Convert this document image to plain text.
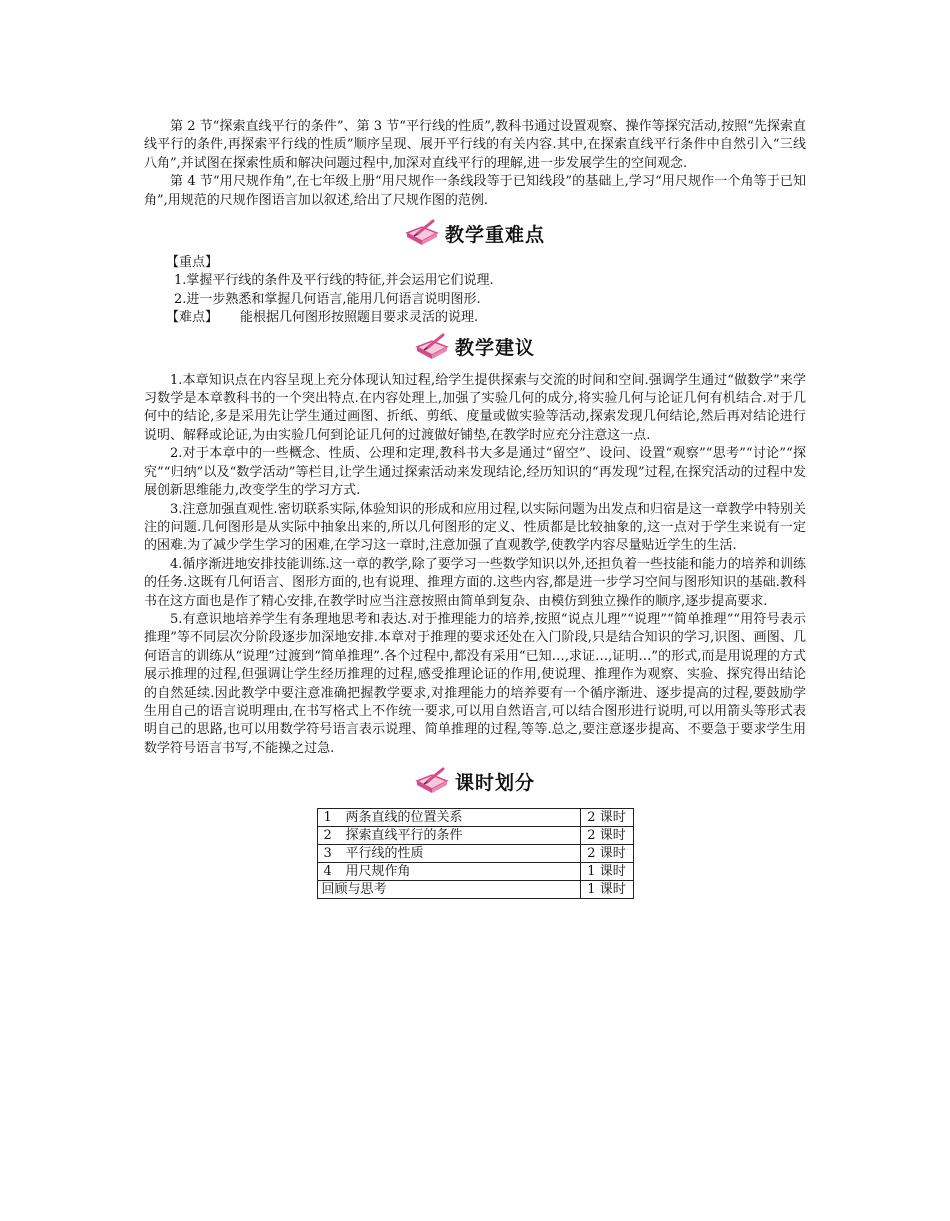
第 2 节“探索直线平行的条件”、第 3 节“平行线的性质”,教科书通过设置观察、操作等探究活动,按照“先探索直线平行的条件,再探索平行线的性质”顺序呈现、展开平行线的有关内容.其中,在探索直线平行条件中自然引入“三线八角”,并试图在探索性质和解决问题过程中,加深对直线平行的理解,进一步发展学生的空间观念.

第 4 节“用尺规作角”,在七年级上册“用尺规作一条线段等于已知线段”的基础上,学习“用尺规作一个角等于已知角”,用规范的尺规作图语言加以叙述,给出了尺规作图的范例.

教学重难点
【重点】
1.掌握平行线的条件及平行线的特征,并会运用它们说理.
2.进一步熟悉和掌握几何语言,能用几何语言说明图形.
【难点】 能根据几何图形按照题目要求灵活的说理.
教学建议

1.本章知识点在内容呈现上充分体现认知过程,给学生提供探索与交流的时间和空间.强调学生通过“做数学”来学习数学是本章教科书的一个突出特点.在内容处理上,加强了实验几何的成分,将实验几何与论证几何有机结合.对于几何中的结论,多是采用先让学生通过画图、折纸、剪纸、度量或做实验等活动,探索发现几何结论,然后再对结论进行说明、解释或论证,为由实验几何到论证几何的过渡做好铺垫,在教学时应充分注意这一点.

2.对于本章中的一些概念、性质、公理和定理,教科书大多是通过“留空”、设问、设置“观察”“思考”“讨论”“探究”“归纳”以及“数学活动”等栏目,让学生通过探索活动来发现结论,经历知识的“再发现”过程,在探究活动的过程中发展创新思维能力,改变学生的学习方式.

3.注意加强直观性.密切联系实际,体验知识的形成和应用过程,以实际问题为出发点和归宿是这一章教学中特别关注的问题.几何图形是从实际中抽象出来的,所以几何图形的定义、性质都是比较抽象的,这一点对于学生来说有一定的困难.为了减少学生学习的困难,在学习这一章时,注意加强了直观教学,使教学内容尽量贴近学生的生活.

4.循序渐进地安排技能训练.这一章的教学,除了要学习一些数学知识以外,还担负着一些技能和能力的培养和训练的任务.这既有几何语言、图形方面的,也有说理、推理方面的.这些内容,都是进一步学习空间与图形知识的基础.教科书在这方面也是作了精心安排,在教学时应当注意按照由简单到复杂、由模仿到独立操作的顺序,逐步提高要求.

5.有意识地培养学生有条理地思考和表达.对于推理能力的培养,按照“说点儿理”“说理”“简单推理”“用符号表示推理”等不同层次分阶段逐步加深地安排.本章对于推理的要求还处在入门阶段,只是结合知识的学习,识图、画图、几何语言的训练从“说理”过渡到“简单推理”.各个过程中,都没有采用“已知…,求证…,证明…”的形式,而是用说理的方式展示推理的过程,但强调让学生经历推理的过程,感受推理论证的作用,使说理、推理作为观察、实验、探究得出结论的自然延续.因此教学中要注意准确把握教学要求,对推理能力的培养要有一个循序渐进、逐步提高的过程,要鼓励学生用自己的语言说明理由,在书写格式上不作统一要求,可以用自然语言,可以结合图形进行说明,可以用箭头等形式表明自己的思路,也可以用数学符号语言表示说理、简单推理的过程,等等.总之,要注意逐步提高、不要急于要求学生用数学符号语言书写,不能操之过急.

课时划分
1 两条直线的位置关系	2 课时
2 探索直线平行的条件	2 课时
3 平行线的性质	2 课时
4 用尺规作角	1 课时
回顾与思考	1 课时
